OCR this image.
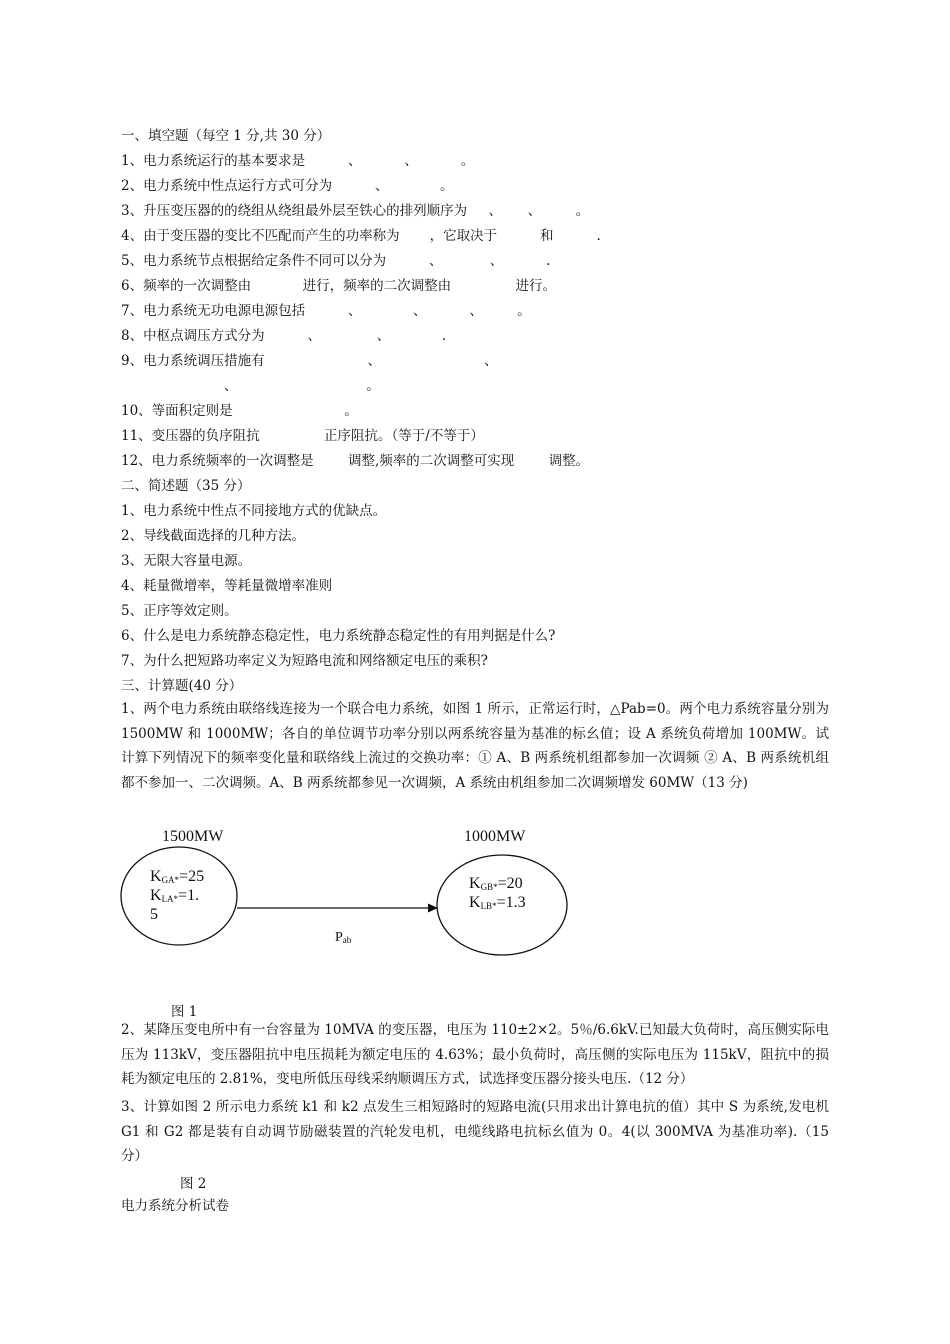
一、填空题（每空 1 分,共 30 分）
1、电力系统运行的基本要求是          、          、          。
2、电力系统中性点运行方式可分为          、            。
3、升压变压器的的绕组从绕组最外层至铁心的排列顺序为     、      、        。
4、由于变压器的变比不匹配而产生的功率称为       ，它取决于          和          .
5、电力系统节点根据给定条件不同可以分为          、           、          .
6、频率的一次调整由            进行，频率的二次调整由               进行。
7、电力系统无功电源电源包括          、            、          、        。
8、中枢点调压方式分为          、             、            .
9、电力系统调压措施有                        、                        、
、                              。
10、等面积定则是                          。
11、变压器的负序阻抗               正序阻抗。（等于/不等于）
12、电力系统频率的一次调整是        调整,频率的二次调整可实现        调整。
二、简述题（35 分）
1、电力系统中性点不同接地方式的优缺点。
2、导线截面选择的几种方法。
3、无限大容量电源。
4、耗量微增率，等耗量微增率准则
5、正序等效定则。
6、什么是电力系统静态稳定性，电力系统静态稳定性的有用判据是什么?
7、为什么把短路功率定义为短路电流和网络额定电压的乘积?
三、计算题(40 分）
1、两个电力系统由联络线连接为一个联合电力系统，如图 1 所示，正常运行时，△Pab=0。两个电力系统容量分别为 1500MW 和 1000MW；各自的单位调节功率分别以两系统容量为基准的标幺值；设 A 系统负荷增加 100MW。试计算下列情况下的频率变化量和联络线上流过的交换功率：① A、B 两系统机组都参加一次调频 ② A、B 两系统机组都不参加一、二次调频。A、B 两系统都参见一次调频，A 系统由机组参加二次调频增发 60MW（13 分)
1500MW	1000MW
$K_{GA*}=25$
$K_{LA*}=1$.
5
$K_{GB*}=20$
$K_{LB*}=1.3$
$P_{ab}$
图 1
2、某降压变电所中有一台容量为 10MVA 的变压器，电压为 110±2×2。5％/6.6kV.已知最大负荷时，高压侧实际电压为 113kV，变压器阻抗中电压损耗为额定电压的 4.63%；最小负荷时，高压侧的实际电压为 115kV，阻抗中的损耗为额定电压的 2.81%，变电所低压母线采纳顺调压方式，试选择变压器分接头电压.（12 分）
3、计算如图 2 所示电力系统 k1 和 k2 点发生三相短路时的短路电流(只用求出计算电抗的值）其中 S 为系统,发电机 G1 和 G2 都是装有自动调节励磁装置的汽轮发电机，电缆线路电抗标幺值为 0。4(以 300MVA 为基准功率).（15 分）
图 2
电力系统分析试卷
